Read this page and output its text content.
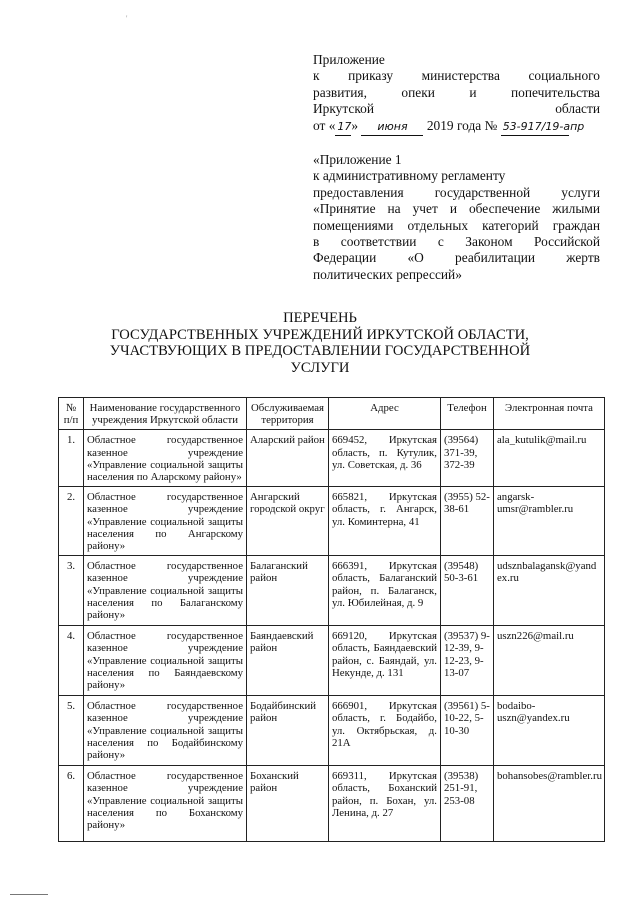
'
Приложение
к приказу министерства социального
развития, опеки и попечительства
Иркутской области
от « 17» июня 2019 года № 53-917/19-апр
«Приложение 1
к административному регламенту
предоставления государственной услуги
«Принятие на учет и обеспечение жилыми
помещениями отдельных категорий граждан
в соответствии с Законом Российской
Федерации «О реабилитации жертв
политических репрессий»
ПЕРЕЧЕНЬ
ГОСУДАРСТВЕННЫХ УЧРЕЖДЕНИЙ ИРКУТСКОЙ ОБЛАСТИ,
УЧАСТВУЮЩИХ В ПРЕДОСТАВЛЕНИИ ГОСУДАРСТВЕННОЙ
УСЛУГИ
№ п/п	Наименование государственного учреждения Иркутской области	Обслуживаемая территория	Адрес	Телефон	Электронная почта
1.	Областное государственное казенное учреждение «Управление социальной защиты населения по Аларскому району»	Аларский район	669452, Иркутская область, п. Кутулик, ул. Советская, д. 36	(39564) 371-39, 372-39	ala_kutulik@mail.ru
2.	Областное государственное казенное учреждение «Управление социальной защиты населения по Ангарскому району»	Ангарский городской округ	665821, Иркутская область, г. Ангарск, ул. Коминтерна, 41	(3955) 52-38-61	angarsk-umsr@rambler.ru
3.	Областное государственное казенное учреждение «Управление социальной защиты населения по Балаганскому району»	Балаганский район	666391, Иркутская область, Балаганский район, п. Балаганск, ул. Юбилейная, д. 9	(39548) 50-3-61	udsznbalagansk@yandex.ru
4.	Областное государственное казенное учреждение «Управление социальной защиты населения по Баяндаевскому району»	Баяндаевский район	669120, Иркутская область, Баяндаевский район, с. Баяндай, ул. Некунде, д. 131	(39537) 9-12-39, 9-12-23, 9-13-07	uszn226@mail.ru
5.	Областное государственное казенное учреждение «Управление социальной защиты населения по Бодайбинскому району»	Бодайбинский район	666901, Иркутская область, г. Бодайбо, ул. Октябрьская, д. 21А	(39561) 5-10-22, 5-10-30	bodaibo-uszn@yandex.ru
6.	Областное государственное казенное учреждение «Управление социальной защиты населения по Боханскому району»	Боханский район	669311, Иркутская область, Боханский район, п. Бохан, ул. Ленина, д. 27	(39538) 251-91, 253-08	bohansobes@rambler.ru
